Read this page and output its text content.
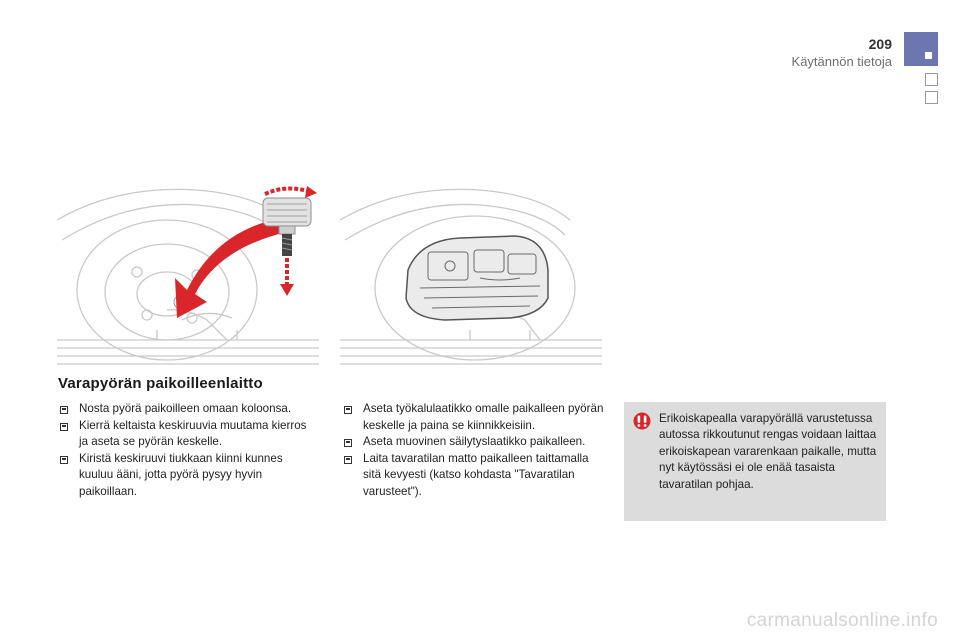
209
Käytännön tietoja
Varapyörän paikoilleenlaitto
Nosta pyörä paikoilleen omaan koloonsa.
Kierrä keltaista keskiruuvia muutama kierros ja aseta se pyörän keskelle.
Kiristä keskiruuvi tiukkaan kiinni kunnes kuuluu ääni, jotta pyörä pysyy hyvin paikoillaan.
Aseta työkalulaatikko omalle paikalleen pyörän keskelle ja paina se kiinnikkeisiin.
Aseta muovinen säilytyslaatikko paikalleen.
Laita tavaratilan matto paikalleen taittamalla sitä kevyesti (katso kohdasta "Tavaratilan varusteet").
Erikoiskapealla varapyörällä varustetussa autossa rikkoutunut rengas voidaan laittaa erikoiskapean vararenkaan paikalle, mutta nyt käytössäsi ei ole enää tasaista tavaratilan pohjaa.
carmanualsonline.info
